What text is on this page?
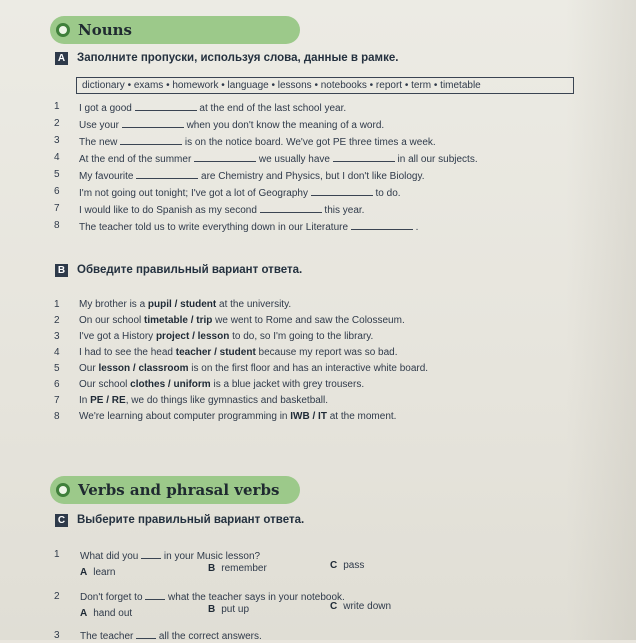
Nouns
A Заполните пропуски, используя слова, данные в рамке.
dictionary • exams • homework • language • lessons • notebooks • report • term • timetable
1 I got a good	at the end of the last school year.
2 Use your	when you don't know the meaning of a word.
3 The new	is on the notice board. We've got PE three times a week.
4 At the end of the summer	we usually have	in all our subjects.
5 My favourite	are Chemistry and Physics, but I don't like Biology.
6 I'm not going out tonight; I've got a lot of Geography	to do.
7 I would like to do Spanish as my second	this year.
8 The teacher told us to write everything down in our Literature	.
B Обведите правильный вариант ответа.
1 My brother is a pupil / student at the university.
2 On our school timetable / trip we went to Rome and saw the Colosseum.
3 I've got a History project / lesson to do, so I'm going to the library.
4 I had to see the head teacher / student because my report was so bad.
5 Our lesson / classroom is on the first floor and has an interactive white board.
6 Our school clothes / uniform is a blue jacket with grey trousers.
7 In PE / RE, we do things like gymnastics and basketball.
8 We're learning about computer programming in IWB / IT at the moment.
Verbs and phrasal verbs
C Выберите правильный вариант ответа.
1 What did you  in your Music lesson?
A learn	B remember	C pass
2 Don't forget to  what the teacher says in your notebook.
A hand out	B put up	C write down
3 The teacher  all the correct answers.
